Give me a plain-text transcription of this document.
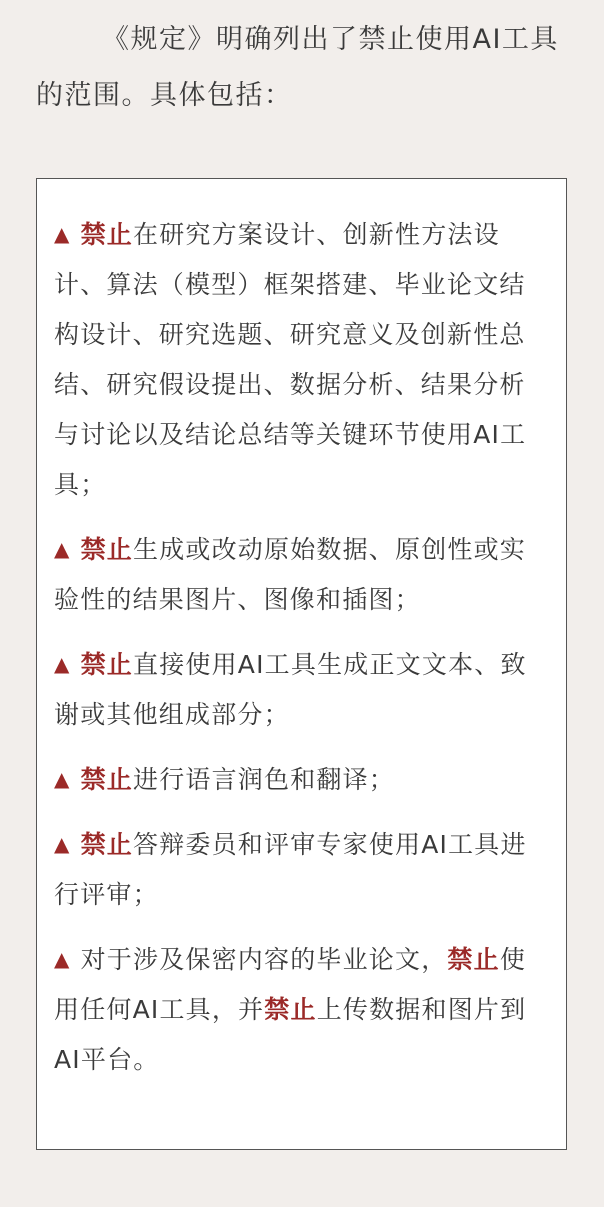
《规定》明确列出了禁止使用AI工具的范围。具体包括：

▲ 禁止在研究方案设计、创新性方法设计、算法（模型）框架搭建、毕业论文结构设计、研究选题、研究意义及创新性总结、研究假设提出、数据分析、结果分析与讨论以及结论总结等关键环节使用AI工具；

▲ 禁止生成或改动原始数据、原创性或实验性的结果图片、图像和插图；

▲ 禁止直接使用AI工具生成正文文本、致谢或其他组成部分；

▲ 禁止进行语言润色和翻译；

▲ 禁止答辩委员和评审专家使用AI工具进行评审；

▲ 对于涉及保密内容的毕业论文，禁止使用任何AI工具，并禁止上传数据和图片到AI平台。
